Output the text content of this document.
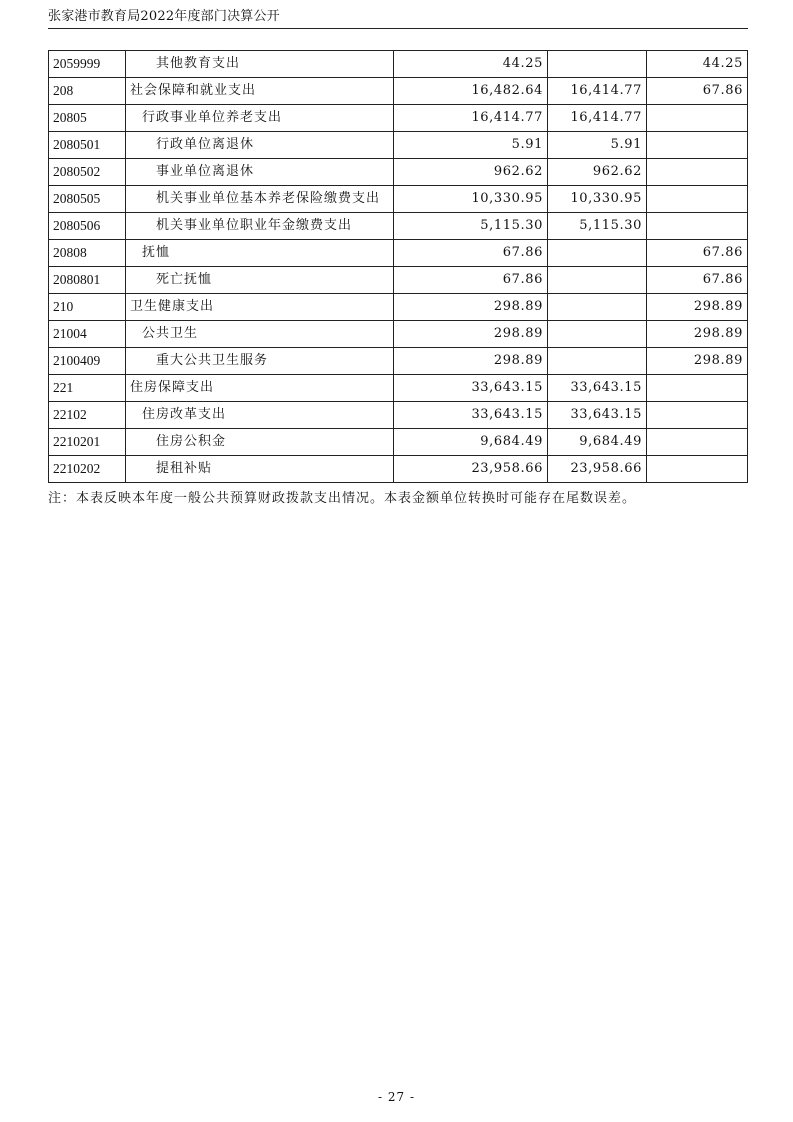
张家港市教育局2022年度部门决算公开
2059999	其他教育支出	44.25		44.25
208	社会保障和就业支出	16,482.64	16,414.77	67.86
20805	行政事业单位养老支出	16,414.77	16,414.77	
2080501	行政单位离退休	5.91	5.91	
2080502	事业单位离退休	962.62	962.62	
2080505	机关事业单位基本养老保险缴费支出	10,330.95	10,330.95	
2080506	机关事业单位职业年金缴费支出	5,115.30	5,115.30	
20808	抚恤	67.86		67.86
2080801	死亡抚恤	67.86		67.86
210	卫生健康支出	298.89		298.89
21004	公共卫生	298.89		298.89
2100409	重大公共卫生服务	298.89		298.89
221	住房保障支出	33,643.15	33,643.15	
22102	住房改革支出	33,643.15	33,643.15	
2210201	住房公积金	9,684.49	9,684.49	
2210202	提租补贴	23,958.66	23,958.66	
注：本表反映本年度一般公共预算财政拨款支出情况。本表金额单位转换时可能存在尾数误差。
- 27 -
